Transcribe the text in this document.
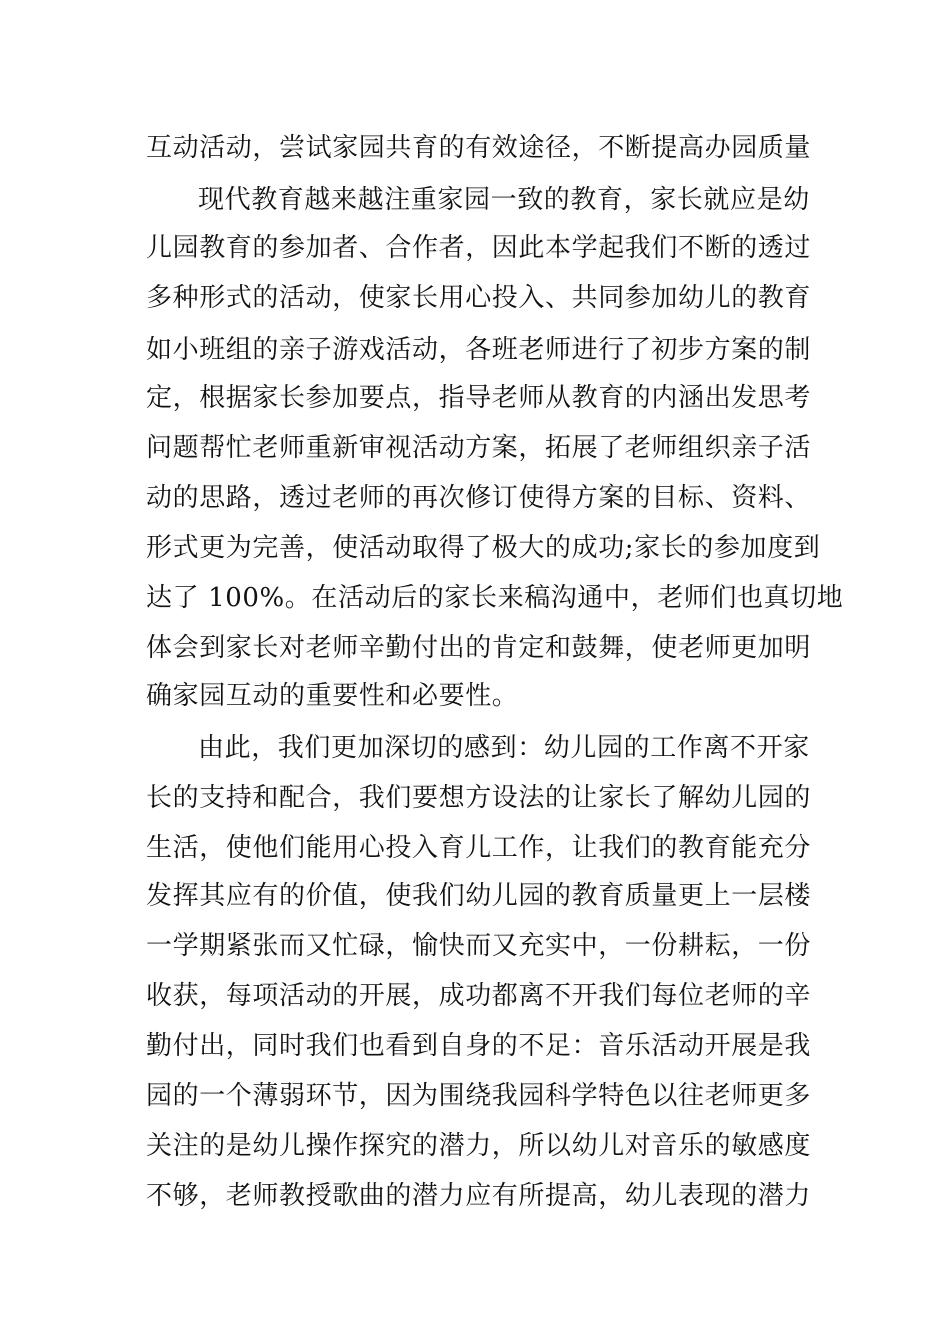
互动活动，尝试家园共育的有效途径，不断提高办园质量
现代教育越来越注重家园一致的教育，家长就应是幼
儿园教育的参加者、合作者，因此本学起我们不断的透过
多种形式的活动，使家长用心投入、共同参加幼儿的教育
如小班组的亲子游戏活动，各班老师进行了初步方案的制
定，根据家长参加要点，指导老师从教育的内涵出发思考
问题帮忙老师重新审视活动方案，拓展了老师组织亲子活
动的思路，透过老师的再次修订使得方案的目标、资料、
形式更为完善，使活动取得了极大的成功;家长的参加度到
达了 100%。在活动后的家长来稿沟通中，老师们也真切地
体会到家长对老师辛勤付出的肯定和鼓舞，使老师更加明
确家园互动的重要性和必要性。
由此，我们更加深切的感到：幼儿园的工作离不开家
长的支持和配合，我们要想方设法的让家长了解幼儿园的
生活，使他们能用心投入育儿工作，让我们的教育能充分
发挥其应有的价值，使我们幼儿园的教育质量更上一层楼
一学期紧张而又忙碌，愉快而又充实中，一份耕耘，一份
收获，每项活动的开展，成功都离不开我们每位老师的辛
勤付出，同时我们也看到自身的不足：音乐活动开展是我
园的一个薄弱环节，因为围绕我园科学特色以往老师更多
关注的是幼儿操作探究的潜力，所以幼儿对音乐的敏感度
不够，老师教授歌曲的潜力应有所提高，幼儿表现的潜力
